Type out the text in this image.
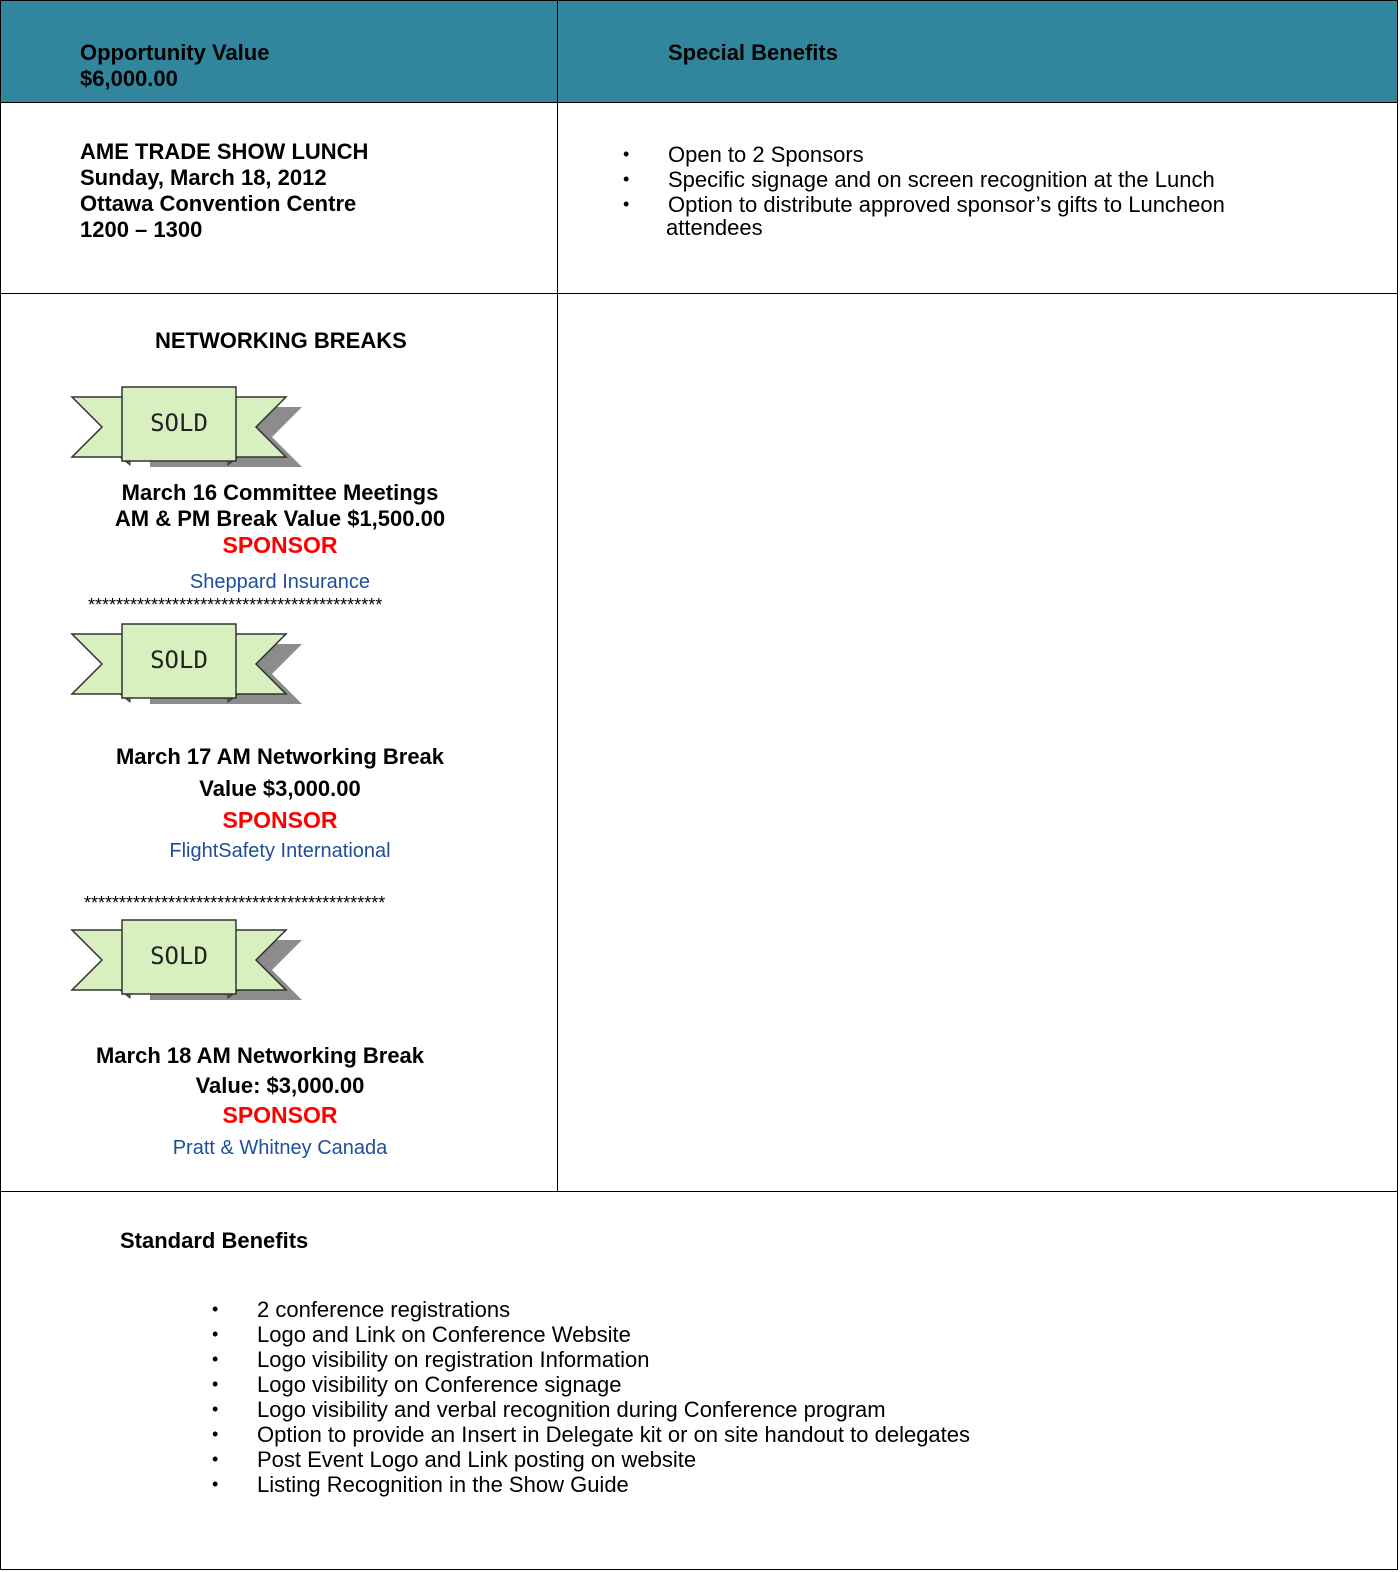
Opportunity Value
$6,000.00
Special Benefits
AME TRADE SHOW LUNCH
Sunday, March 18, 2012
Ottawa Convention Centre
1200 – 1300
• Open to 2 Sponsors
• Specific signage and on screen recognition at the Lunch
• Option to distribute approved sponsor’s gifts to Luncheon
attendees
NETWORKING BREAKS
SOLD
March 16 Committee Meetings
AM & PM Break Value $1,500.00
SPONSOR
Sheppard Insurance
******************************************
SOLD
March 17 AM Networking Break
Value $3,000.00
SPONSOR
FlightSafety International
*******************************************
SOLD
March 18 AM Networking Break
Value: $3,000.00
SPONSOR
Pratt & Whitney Canada
Standard Benefits
• 2 conference registrations
• Logo and Link on Conference Website
• Logo visibility on registration Information
• Logo visibility on Conference signage
• Logo visibility and verbal recognition during Conference program
• Option to provide an Insert in Delegate kit or on site handout to delegates
• Post Event Logo and Link posting on website
• Listing Recognition in the Show Guide
